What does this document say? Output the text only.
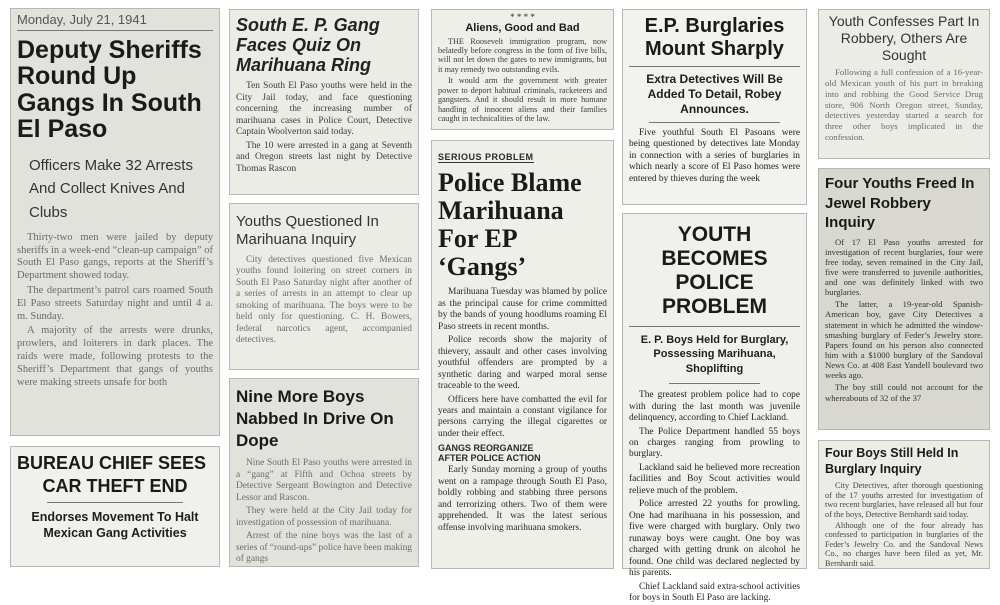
Monday, July 21, 1941
Deputy Sheriffs Round Up Gangs In South El Paso
Officers Make 32 Arrests And Collect Knives And Clubs

Thirty-two men were jailed by deputy sheriffs in a week-end “clean-up campaign” of South El Paso gangs, reports at the Sheriff’s Department showed today.

The department’s patrol cars roamed South El Paso streets Saturday night and until 4 a. m. Sunday.

A majority of the arrests were drunks, prowlers, and loiterers in dark places. The raids were made, following protests to the Sheriff’s Department that gangs of youths were making streets unsafe for both

South E. P. Gang Faces Quiz On Marihuana Ring

Ten South El Paso youths were held in the City Jail today, and face questioning concerning the increasing number of marihuana cases in Police Court, Detective Captain Woolverton said today.

The 10 were arrested in a gang at Seventh and Oregon streets last night by Detective Thomas Rascon

* * * *
Aliens, Good and Bad

THE Roosevelt immigration program, now belatedly before congress in the form of five bills, will not let down the gates to new immigrants, but it may remedy two outstanding evils.

It would arm the government with greater power to deport habitual criminals, racketeers and gangsters. And it should result in more humane handling of innocent aliens and their families caught in technicalities of the law.

E.P. Burglaries Mount Sharply
Extra Detectives Will Be Added To Detail, Robey Announces.

Five youthful South El Pasoans were being questioned by detectives late Monday in connection with a series of burglaries in which nearly a score of El Paso homes were entered by thieves during the week

Youth Confesses Part In Robbery, Others Are Sought

Following a full confession of a 16-year-old Mexican youth of his part in breaking into and robbing the Good Service Drug store, 906 North Oregon street, Sunday, detectives yesterday started a search for three other boys implicated in the confession.

Youths Questioned In Marihuana Inquiry

City detectives questioned five Mexican youths found loitering on street corners in South El Paso Saturday night after another of a series of arrests in an attempt to clear up smoking of marihuana. The boys were to be held only for questioning. C. H. Bowers, federal narcotics agent, accompanied detectives.

SERIOUS PROBLEM
Police Blame Marihuana For EP ‘Gangs’

Marihuana Tuesday was blamed by police as the principal cause for crime committed by the bands of young hoodlums roaming El Paso streets in recent months.

Police records show the majority of thievery, assault and other cases involving youthful offenders are prompted by a synthetic daring and warped moral sense traceable to the weed.

Officers here have combatted the evil for years and maintain a constant vigilance for persons carrying the illegal cigarettes or under their effect.

GANGS REORGANIZE AFTER POLICE ACTION

Early Sunday morning a group of youths went on a rampage through South El Paso, boldly robbing and stabbing three persons and terrorizing others. Two of them were apprehended. It was the latest serious offense involving marihuana smokers.

YOUTH BECOMES POLICE PROBLEM
E. P. Boys Held for Burglary, Possessing Marihuana, Shoplifting

The greatest problem police had to cope with during the last month was juvenile delinquency, according to Chief Lackland.

The Police Department handled 55 boys on charges ranging from prowling to burglary.

Lackland said he believed more recreation facilities and Boy Scout activities would relieve much of the problem.

Police arrested 22 youths for prowling. One had marihuana in his possession, and five were charged with burglary. Only two runaway boys were caught. One boy was charged with getting drunk on alcohol he found. One child was declared neglected by his parents.

Chief Lackland said extra-school activities for boys in South El Paso are lacking.

Four Youths Freed In Jewel Robbery Inquiry

Of 17 El Paso youths arrested for investigation of recent burglaries, four were free today, seven remained in the City Jail, five were transferred to juvenile authorities, and one was definitely linked with two burglaries.

The latter, a 19-year-old Spanish-American boy, gave City Detectives a statement in which he admitted the window-smashing burglary of Feder’s Jewelry store. Papers found on his person also connected him with a $1000 burglary of the Sandoval News Co. at 408 East Yandell boulevard two weeks ago.

The boy still could not account for the whereabouts of 32 of the 37

Nine More Boys Nabbed In Drive On Dope

Nine South El Paso youths were arrested in a “gang” at Fifth and Ochoa streets by Detective Sergeant Bowington and Detective Lessor and Rascon.

They were held at the City Jail today for investigation of possession of marihuana.

Arrest of the nine boys was the last of a series of “round-ups” police have been making of gangs

BUREAU CHIEF SEES
CAR THEFT END
Endorses Movement To Halt Mexican Gang Activities
Four Boys Still Held In Burglary Inquiry

City Detectives, after thorough questioning of the 17 youths arrested for investigation of two recent burglaries, have released all but four of the boys, Detective Bernhardt said today.

Although one of the four already has confessed to participation in burglaries of the Feder’s Jewelry Co. and the Sandoval News Co., no charges have been filed as yet, Mr. Bernhardt said.
